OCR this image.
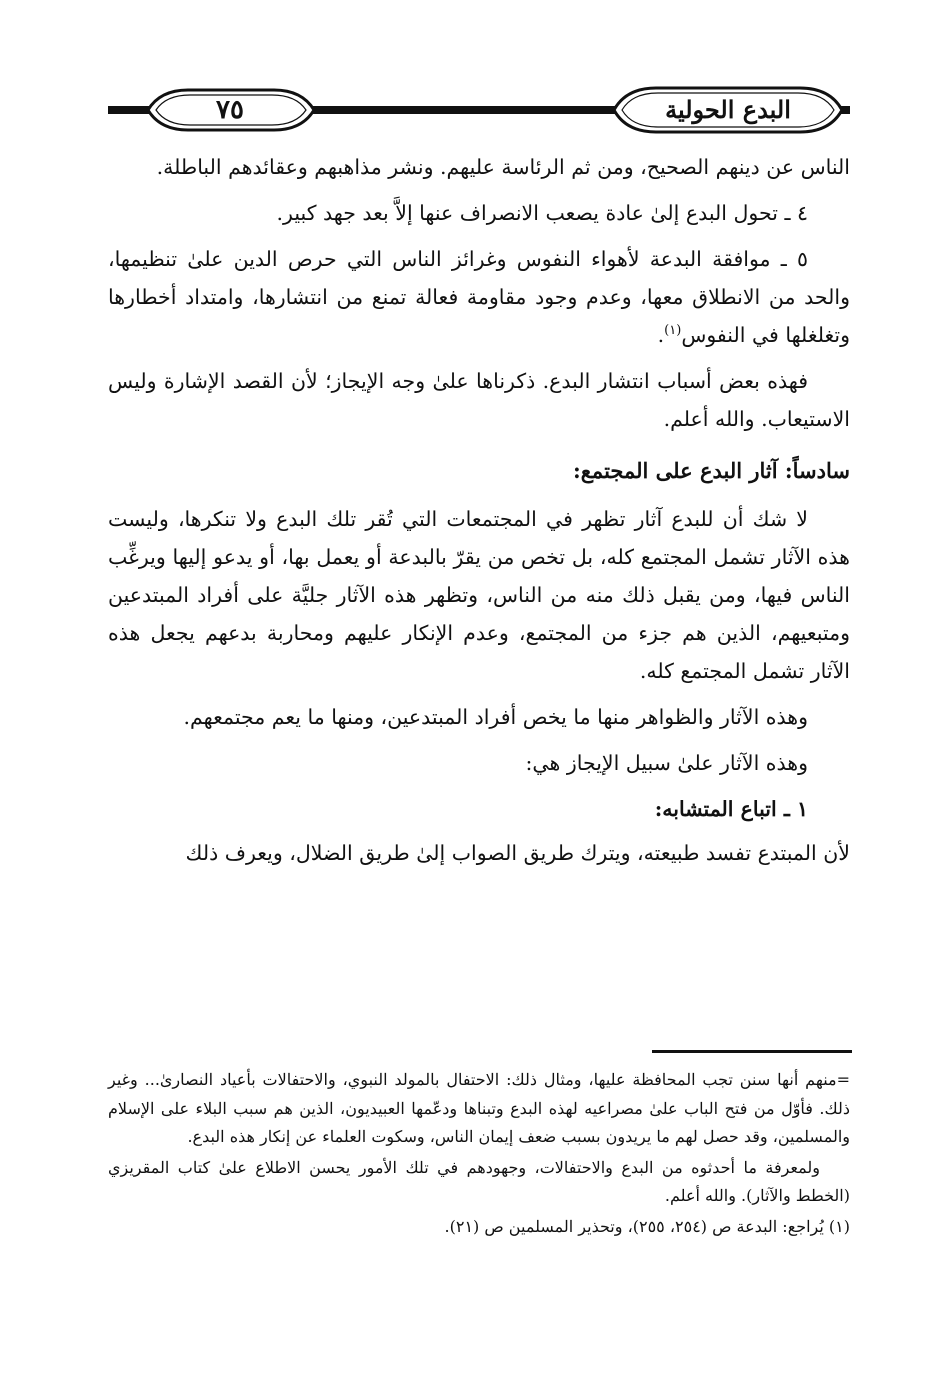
٧٥	البدع الحولية

الناس عن دينهم الصحيح، ومن ثم الرئاسة عليهم. ونشر مذاهبهم وعقائدهم الباطلة.

٤ ـ تحول البدع إلىٰ عادة يصعب الانصراف عنها إلاَّ بعد جهد كبير.

٥ ـ موافقة البدعة لأهواء النفوس وغرائز الناس التي حرص الدين علىٰ تنظيمها، والحد من الانطلاق معها، وعدم وجود مقاومة فعالة تمنع من انتشارها، وامتداد أخطارها وتغلغلها في النفوس$^{(١)}$.

فهذه بعض أسباب انتشار البدع. ذكرناها علىٰ وجه الإيجاز؛ لأن القصد الإشارة وليس الاستيعاب. والله أعلم.

سادساً: آثار البدع على المجتمع:

لا شك أن للبدع آثار تظهر في المجتمعات التي تُقر تلك البدع ولا تنكرها، وليست هذه الآثار تشمل المجتمع كله، بل تخص من يقرّ بالبدعة أو يعمل بها، أو يدعو إليها ويرغِّب الناس فيها، ومن يقبل ذلك منه من الناس، وتظهر هذه الآثار جليَّة على أفراد المبتدعين ومتبعيهم، الذين هم جزء من المجتمع، وعدم الإنكار عليهم ومحاربة بدعهم يجعل هذه الآثار تشمل المجتمع كله.

وهذه الآثار والظواهر منها ما يخص أفراد المبتدعين، ومنها ما يعم مجتمعهم.

وهذه الآثار علىٰ سبيل الإيجاز هي:

١ ـ اتباع المتشابه:

لأن المبتدع تفسد طبيعته، ويترك طريق الصواب إلىٰ طريق الضلال، ويعرف ذلك

=منهم أنها سنن تجب المحافظة عليها، ومثال ذلك: الاحتفال بالمولد النبوي، والاحتفالات بأعياد النصارىٰ... وغير ذلك. فأوّل من فتح الباب علىٰ مصراعيه لهذه البدع وتبناها ودعّمها العبيديون، الذين هم سبب البلاء على الإسلام والمسلمين، وقد حصل لهم ما يريدون بسبب ضعف إيمان الناس، وسكوت العلماء عن إنكار هذه البدع.

ولمعرفة ما أحدثوه من البدع والاحتفالات، وجهودهم في تلك الأمور يحسن الاطلاع علىٰ كتاب المقريزي (الخطط والآثار). والله أعلم.

(١) يُراجع: البدعة ص (٢٥٤، ٢٥٥)، وتحذير المسلمين ص (٢١).
